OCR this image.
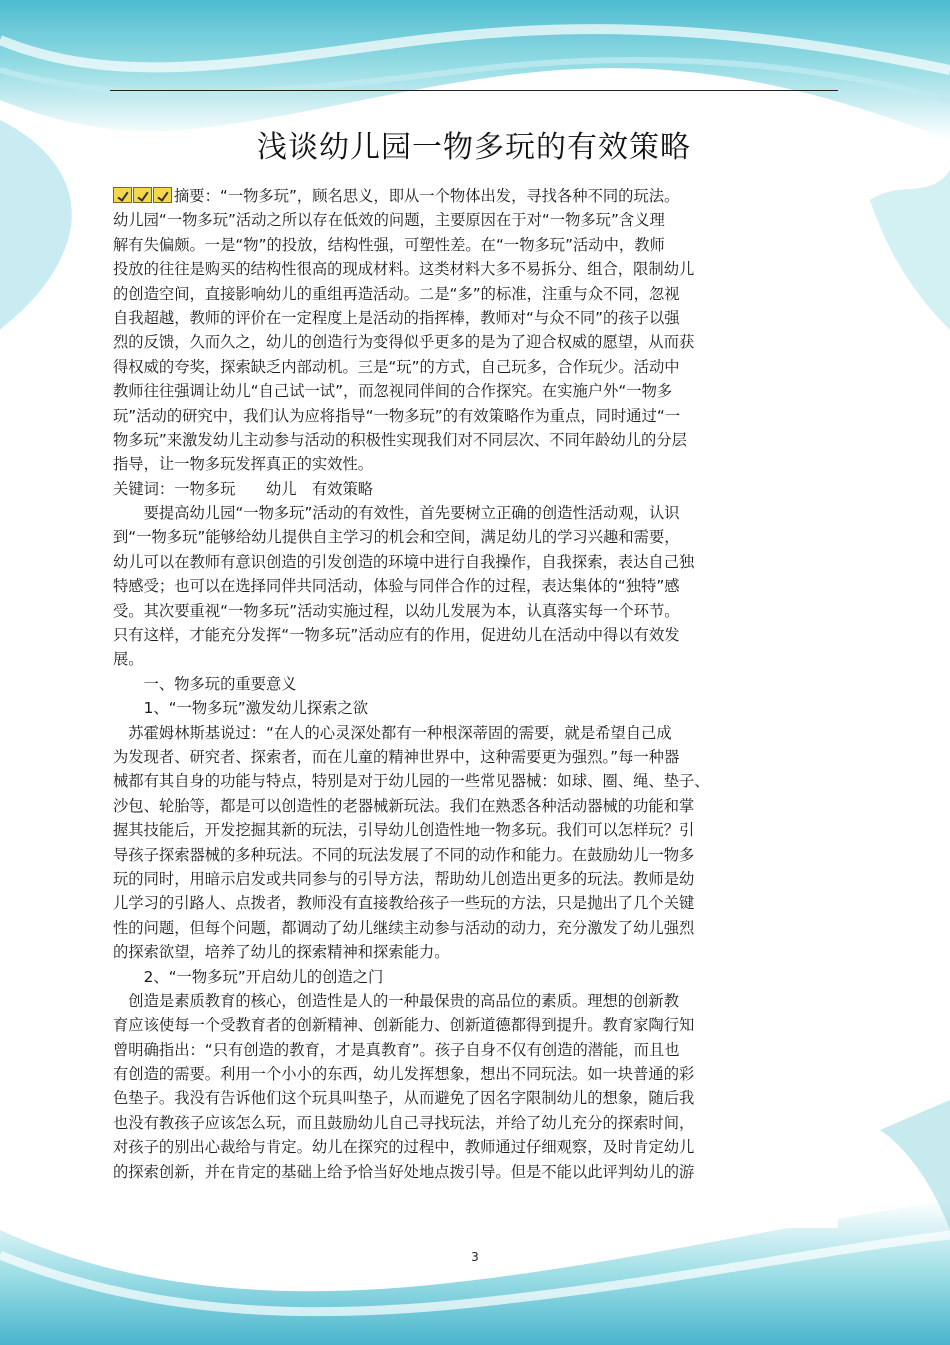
浅谈幼儿园一物多玩的有效策略
摘要：“一物多玩”，顾名思义，即从一个物体出发，寻找各种不同的玩法。
幼儿园“一物多玩”活动之所以存在低效的问题，主要原因在于对“一物多玩”含义理
解有失偏颇。一是“物”的投放，结构性强，可塑性差。在“一物多玩”活动中，教师
投放的往往是购买的结构性很高的现成材料。这类材料大多不易拆分、组合，限制幼儿
的创造空间，直接影响幼儿的重组再造活动。二是“多”的标准，注重与众不同，忽视
自我超越，教师的评价在一定程度上是活动的指挥棒，教师对“与众不同”的孩子以强
烈的反馈，久而久之，幼儿的创造行为变得似乎更多的是为了迎合权威的愿望，从而获
得权威的夸奖，探索缺乏内部动机。三是“玩”的方式，自己玩多，合作玩少。活动中
教师往往强调让幼儿“自己试一试”，而忽视同伴间的合作探究。在实施户外“一物多
玩”活动的研究中，我们认为应将指导“一物多玩”的有效策略作为重点，同时通过“一
物多玩”来激发幼儿主动参与活动的积极性实现我们对不同层次、不同年龄幼儿的分层
指导，让一物多玩发挥真正的实效性。
关键词：一物多玩　　幼儿　有效策略
　　要提高幼儿园“一物多玩”活动的有效性，首先要树立正确的创造性活动观，认识
到“一物多玩”能够给幼儿提供自主学习的机会和空间，满足幼儿的学习兴趣和需要，
幼儿可以在教师有意识创造的引发创造的环境中进行自我操作，自我探索，表达自己独
特感受；也可以在选择同伴共同活动，体验与同伴合作的过程，表达集体的“独特”感
受。其次要重视“一物多玩”活动实施过程，以幼儿发展为本，认真落实每一个环节。
只有这样，才能充分发挥“一物多玩”活动应有的作用，促进幼儿在活动中得以有效发
展。
　　一、物多玩的重要意义
　　1、“一物多玩”激发幼儿探索之欲
　苏霍姆林斯基说过：“在人的心灵深处都有一种根深蒂固的需要，就是希望自己成
为发现者、研究者、探索者，而在儿童的精神世界中，这种需要更为强烈。”每一种器
械都有其自身的功能与特点，特别是对于幼儿园的一些常见器械：如球、圈、绳、垫子、
沙包、轮胎等，都是可以创造性的老器械新玩法。我们在熟悉各种活动器械的功能和掌
握其技能后，开发挖掘其新的玩法，引导幼儿创造性地一物多玩。我们可以怎样玩？引
导孩子探索器械的多种玩法。不同的玩法发展了不同的动作和能力。在鼓励幼儿一物多
玩的同时，用暗示启发或共同参与的引导方法，帮助幼儿创造出更多的玩法。教师是幼
儿学习的引路人、点拨者，教师没有直接教给孩子一些玩的方法，只是抛出了几个关键
性的问题，但每个问题，都调动了幼儿继续主动参与活动的动力，充分激发了幼儿强烈
的探索欲望，培养了幼儿的探索精神和探索能力。
　　2、“一物多玩”开启幼儿的创造之门
　创造是素质教育的核心，创造性是人的一种最保贵的高品位的素质。理想的创新教
育应该使每一个受教育者的创新精神、创新能力、创新道德都得到提升。教育家陶行知
曾明确指出：“只有创造的教育，才是真教育”。孩子自身不仅有创造的潜能，而且也
有创造的需要。利用一个小小的东西，幼儿发挥想象，想出不同玩法。如一块普通的彩
色垫子。我没有告诉他们这个玩具叫垫子，从而避免了因名字限制幼儿的想象，随后我
也没有教孩子应该怎么玩，而且鼓励幼儿自己寻找玩法，并给了幼儿充分的探索时间，
对孩子的别出心裁给与肯定。幼儿在探究的过程中，教师通过仔细观察，及时肯定幼儿
的探索创新，并在肯定的基础上给予恰当好处地点拨引导。但是不能以此评判幼儿的游
3
